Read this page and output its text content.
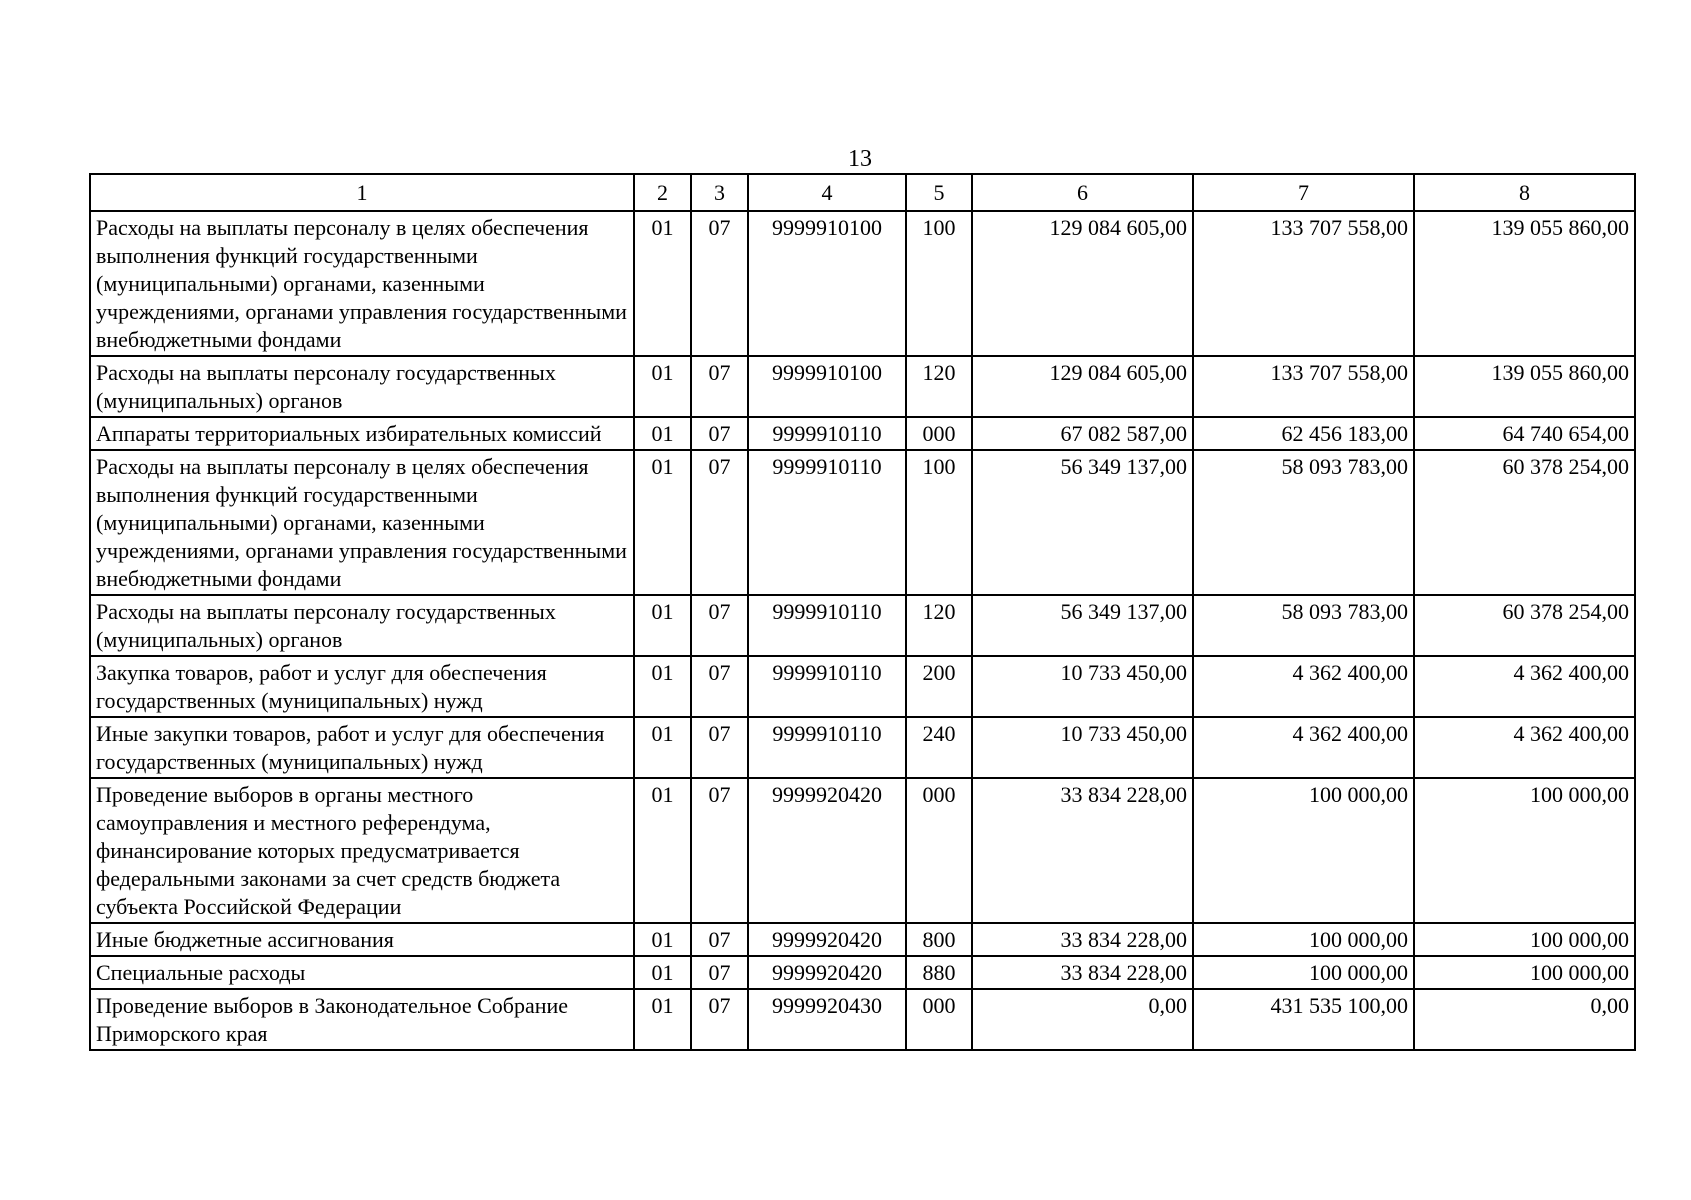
13
1	2	3	4	5	6	7	8
Расходы на выплаты персоналу в целях обеспечения выполнения функций государственными (муниципальными) органами, казенными учреждениями, органами управления государственными внебюджетными фондами	01	07	9999910100	100	129 084 605,00	133 707 558,00	139 055 860,00
Расходы на выплаты персоналу государственных (муниципальных) органов	01	07	9999910100	120	129 084 605,00	133 707 558,00	139 055 860,00
Аппараты территориальных избирательных комиссий	01	07	9999910110	000	67 082 587,00	62 456 183,00	64 740 654,00
Расходы на выплаты персоналу в целях обеспечения выполнения функций государственными (муниципальными) органами, казенными учреждениями, органами управления государственными внебюджетными фондами	01	07	9999910110	100	56 349 137,00	58 093 783,00	60 378 254,00
Расходы на выплаты персоналу государственных (муниципальных) органов	01	07	9999910110	120	56 349 137,00	58 093 783,00	60 378 254,00
Закупка товаров, работ и услуг для обеспечения государственных (муниципальных) нужд	01	07	9999910110	200	10 733 450,00	4 362 400,00	4 362 400,00
Иные закупки товаров, работ и услуг для обеспечения государственных (муниципальных) нужд	01	07	9999910110	240	10 733 450,00	4 362 400,00	4 362 400,00
Проведение выборов в органы местного самоуправления и местного референдума, финансирование которых предусматривается федеральными законами за счет средств бюджета субъекта Российской Федерации	01	07	9999920420	000	33 834 228,00	100 000,00	100 000,00
Иные бюджетные ассигнования	01	07	9999920420	800	33 834 228,00	100 000,00	100 000,00
Специальные расходы	01	07	9999920420	880	33 834 228,00	100 000,00	100 000,00
Проведение выборов в Законодательное Собрание Приморского края	01	07	9999920430	000	0,00	431 535 100,00	0,00
